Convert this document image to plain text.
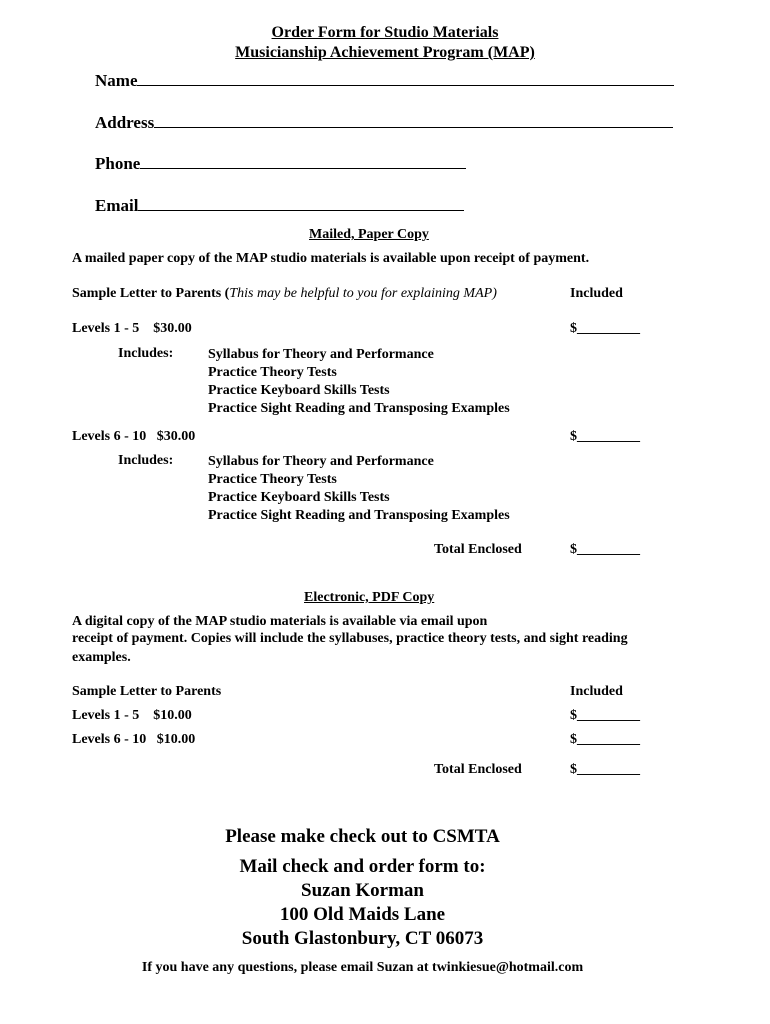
Order Form for Studio Materials
Musicianship Achievement Program (MAP)
Name
Address
Phone
Email
Mailed, Paper Copy
A mailed paper copy of the MAP studio materials is available upon receipt of payment.
Sample Letter to Parents (This may be helpful to you for explaining MAP)	Included
Levels 1 - 5    $30.00	$_________
Includes: Syllabus for Theory and Performance
Practice Theory Tests
Practice Keyboard Skills Tests
Practice Sight Reading and Transposing Examples
Levels 6 - 10   $30.00	$_________
Includes: Syllabus for Theory and Performance
Practice Theory Tests
Practice Keyboard Skills Tests
Practice Sight Reading and Transposing Examples
Total Enclosed	$_________
Electronic, PDF Copy
A digital copy of the MAP studio materials is available via email upon
receipt of payment. Copies will include the syllabuses, practice theory tests, and sight reading
examples.
Sample Letter to Parents	Included
Levels 1 - 5    $10.00	$_________
Levels 6 - 10   $10.00	$_________
Total Enclosed	$_________
Please make check out to CSMTA
Mail check and order form to:
Suzan Korman
100 Old Maids Lane
South Glastonbury, CT 06073
If you have any questions, please email Suzan at twinkiesue@hotmail.com
